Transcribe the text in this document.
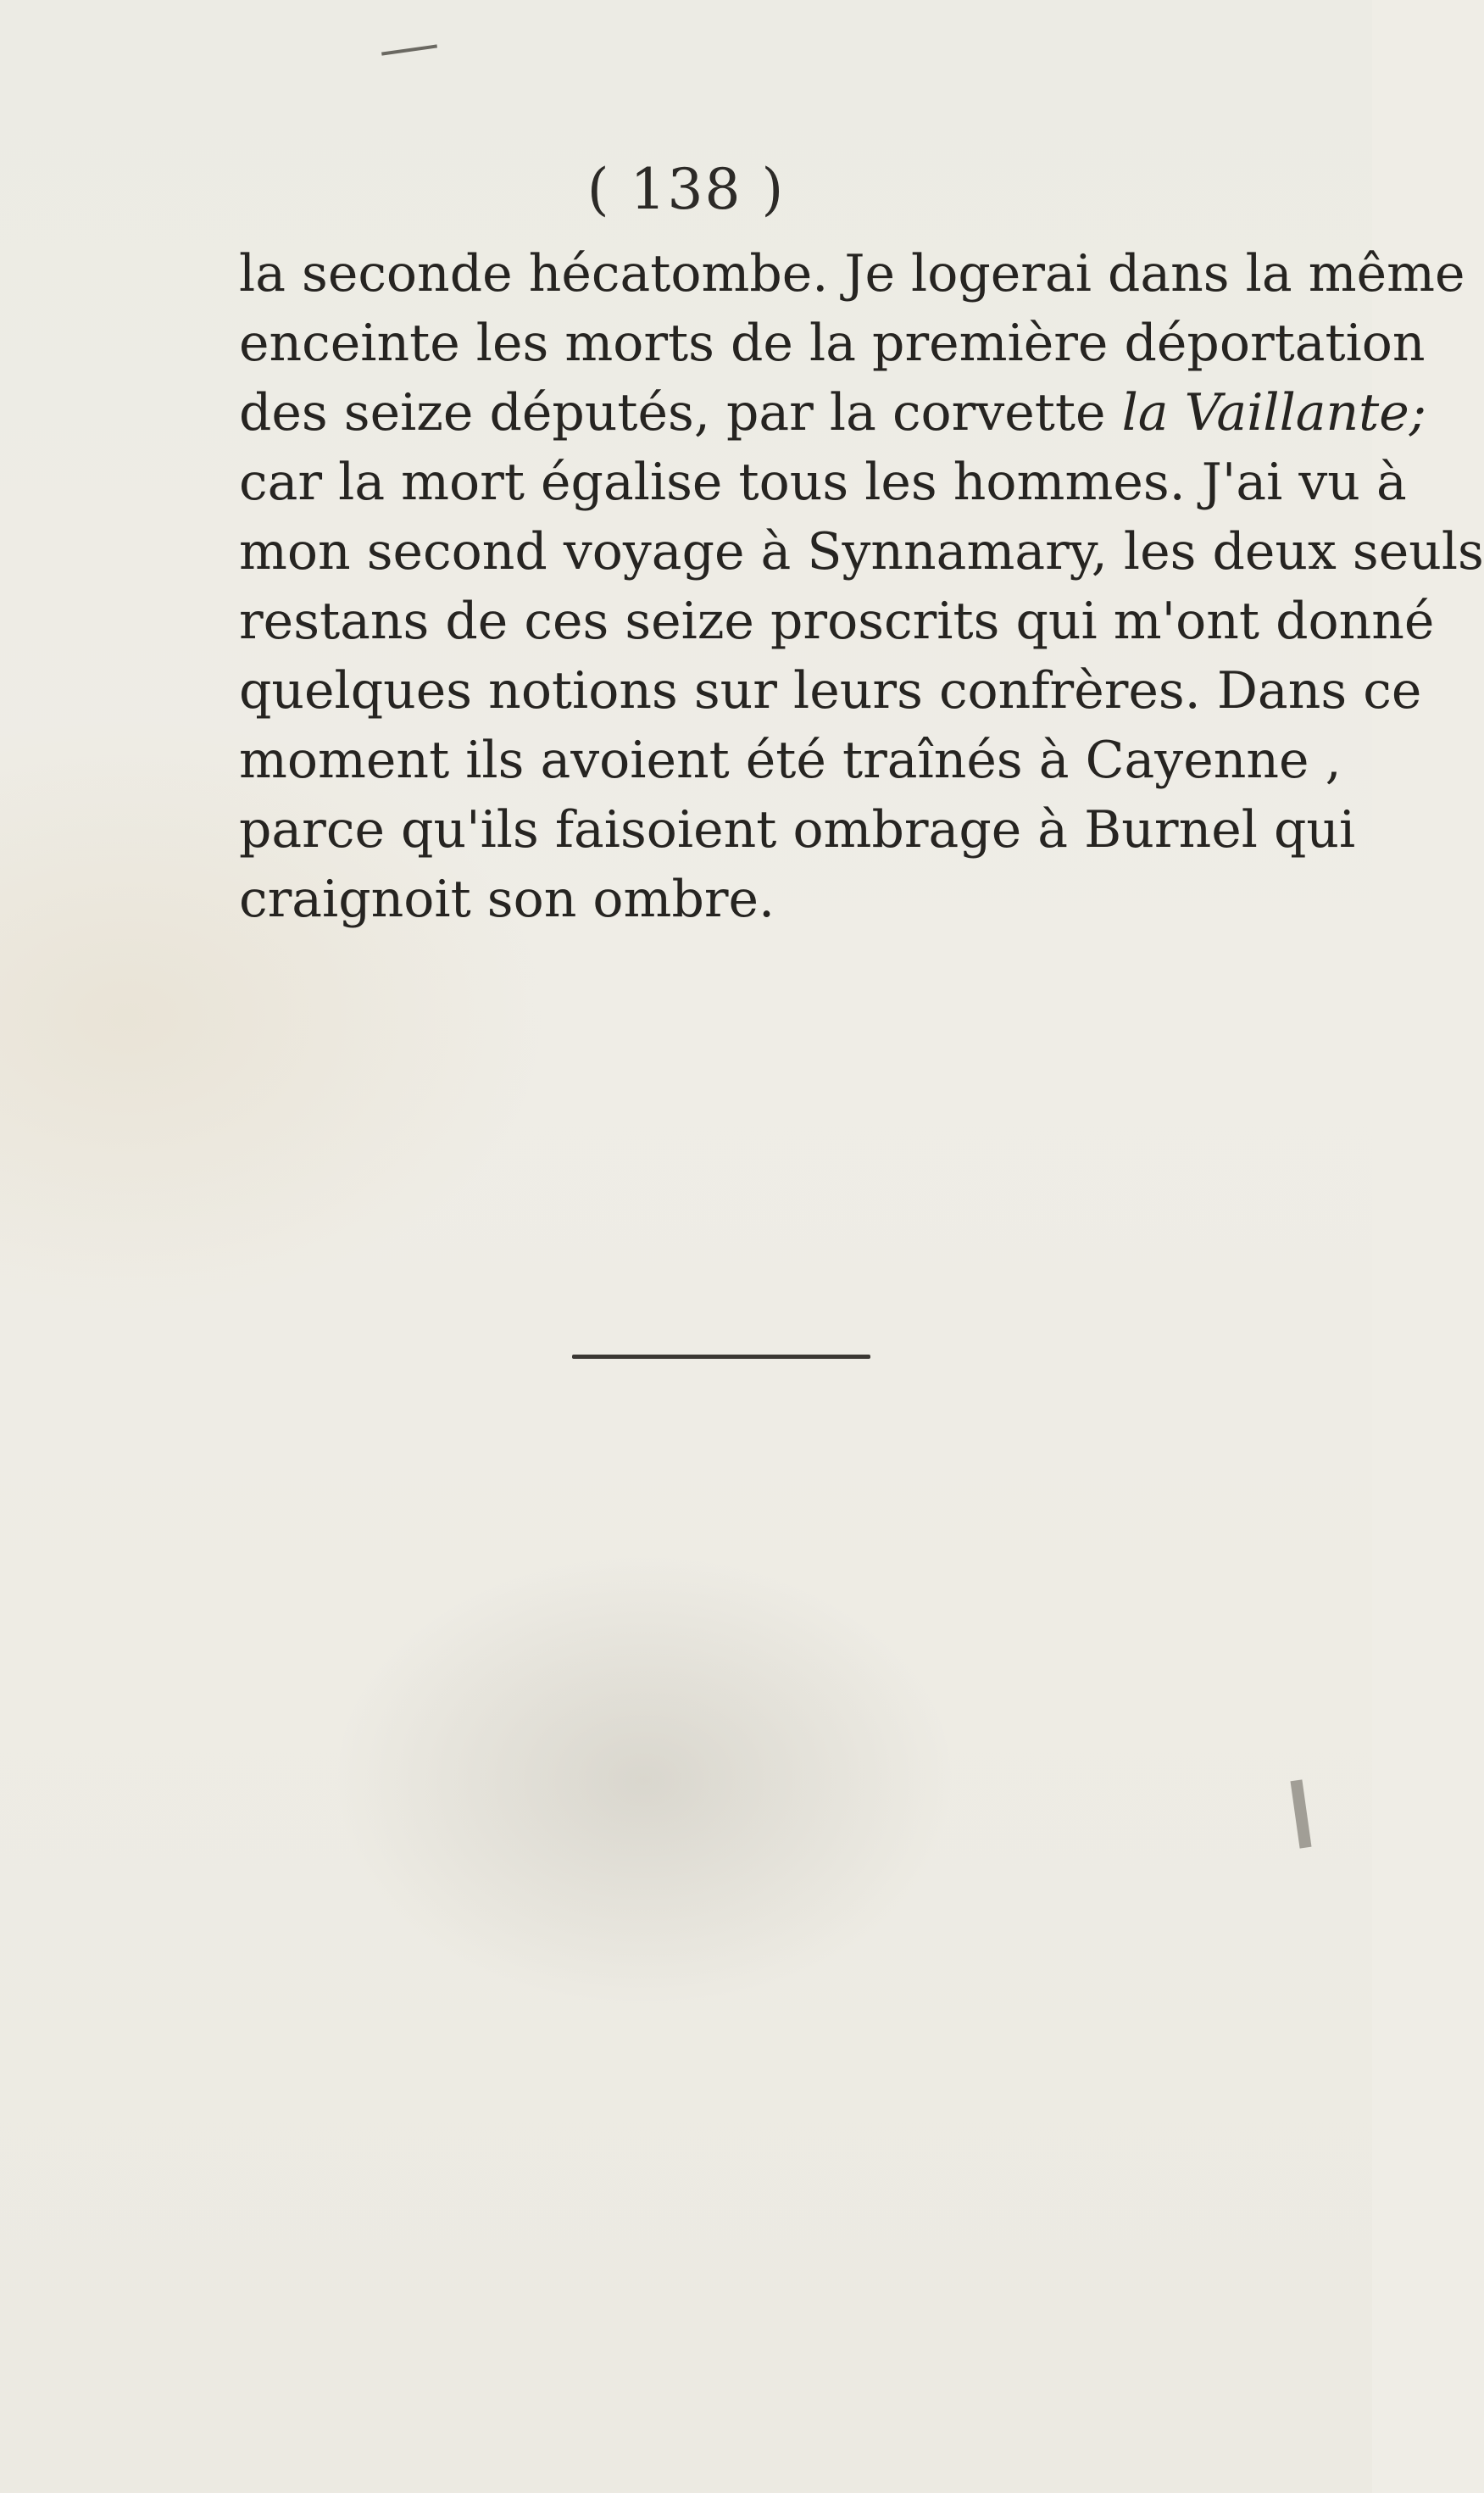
( 138 )
la seconde hécatombe. Je logerai dans la même
enceinte les morts de la première déportation
des seize députés, par la corvette la Vaillante;
car la mort égalise tous les hommes. J'ai vu à
mon second voyage à Synnamary, les deux seuls
restans de ces seize proscrits qui m'ont donné
quelques notions sur leurs confrères. Dans ce
moment ils avoient été traînés à Cayenne ,
parce qu'ils faisoient ombrage à Burnel qui
craignoit son ombre.
